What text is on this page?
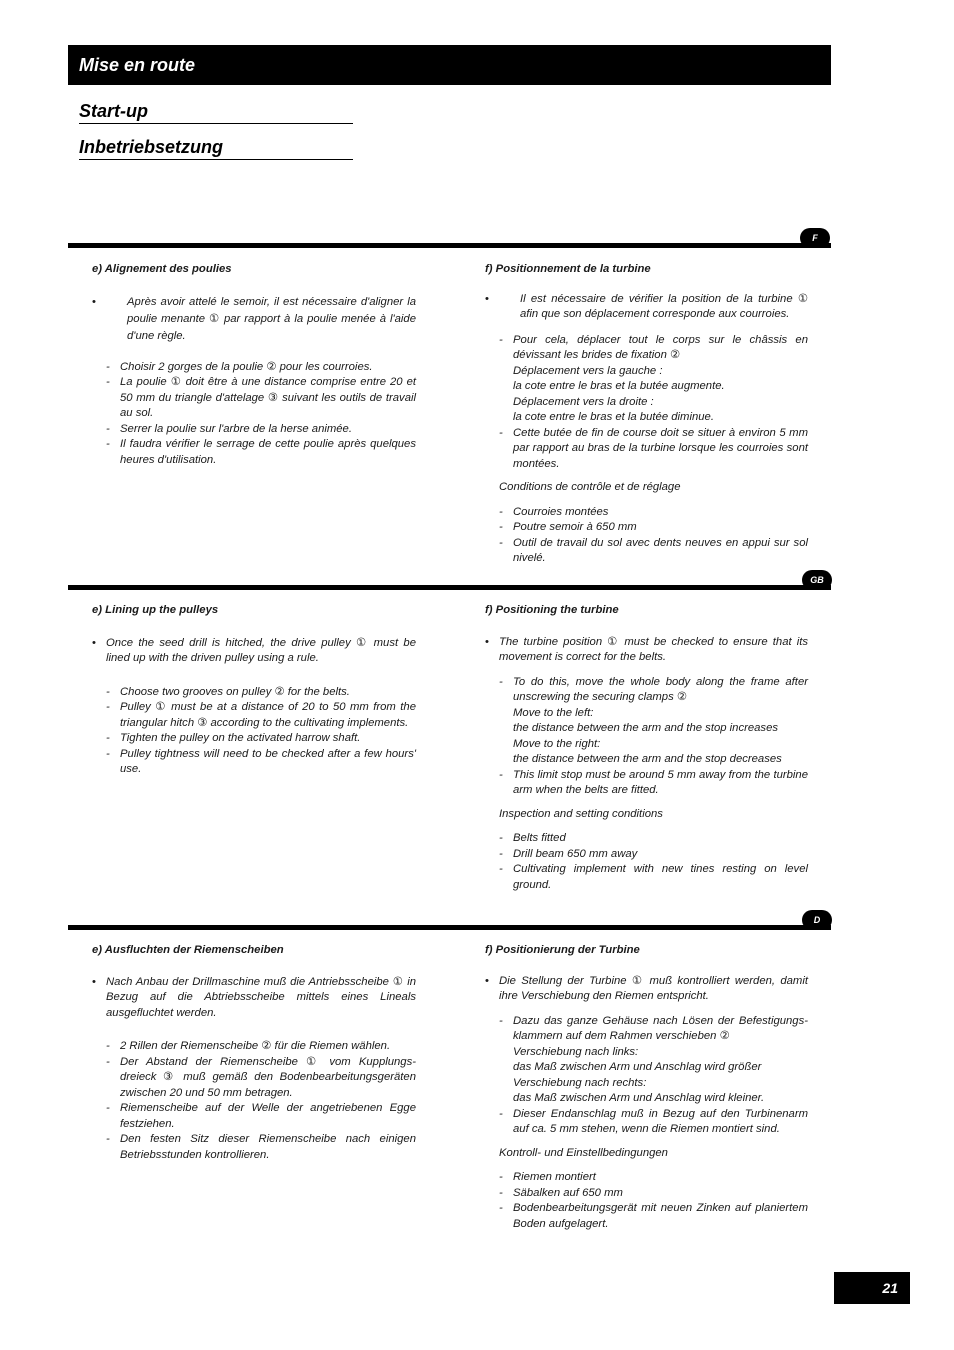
Mise en route
Start-up
Inbetriebsetzung
F

e) Alignement des poulies

• Après avoir attelé le semoir, il est nécessaire d'aligner la poulie menante ① par rapport à la poulie menée à l'aide d'une règle.

- Choisir 2 gorges de la poulie ② pour les courroies.
- La poulie ① doit être à une distance comprise entre 20 et 50 mm du triangle d'attelage ③ suivant les outils de travail au sol.
- Serrer la poulie sur l'arbre de la herse animée.
- Il faudra vérifier le serrage de cette poulie après quelques heures d'utilisation.

f) Positionnement de la turbine

• Il est nécessaire de vérifier la position de la turbine ① afin que son déplacement corresponde aux courroies.

- Pour cela, déplacer tout le corps sur le châssis en dévissant les brides de fixation ②
Déplacement vers la gauche :
la cote entre le bras et la butée augmente.
Déplacement vers la droite :
la cote entre le bras et la butée diminue.
- Cette butée de fin de course doit se situer à environ 5 mm par rapport au bras de la turbine lorsque les courroies sont montées.

Conditions de contrôle et de réglage

- Courroies montées
- Poutre semoir à 650 mm
- Outil de travail du sol avec dents neuves en appui sur sol nivelé.
GB

e) Lining up the pulleys

• Once the seed drill is hitched, the drive pulley ① must be lined up with the driven pulley using a rule.

- Choose two grooves on pulley ② for the belts.
- Pulley ① must be at a distance of 20 to 50 mm from the triangular hitch ③ according to the cultivating implements.
- Tighten the pulley on the activated harrow shaft.
- Pulley tightness will need to be checked after a few hours' use.

f) Positioning the turbine

• The turbine position ① must be checked to ensure that its movement is correct for the belts.

- To do this, move the whole body along the frame after unscrewing the securing clamps ②
Move to the left:
the distance between the arm and the stop increases
Move to the right:
the distance between the arm and the stop decreases
- This limit stop must be around 5 mm away from the turbine arm when the belts are fitted.

Inspection and setting conditions

- Belts fitted
- Drill beam 650 mm away
- Cultivating implement with new tines resting on level ground.
D

e) Ausfluchten der Riemenscheiben

• Nach Anbau der Drillmaschine muß die Antriebsscheibe ① in Bezug auf die Abtriebsscheibe mittels eines Lineals ausgefluchtet werden.

- 2 Rillen der Riemenscheibe ② für die Riemen wählen.
- Der Abstand der Riemenscheibe ① vom Kupplungs-dreieck ③ muß gemäß den Bodenbearbeitungsgeräten zwischen 20 und 50 mm betragen.
- Riemenscheibe auf der Welle der angetriebenen Egge festziehen.
- Den festen Sitz dieser Riemenscheibe nach einigen Betriebsstunden kontrollieren.

f) Positionierung der Turbine

• Die Stellung der Turbine ① muß kontrolliert werden, damit ihre Verschiebung den Riemen entspricht.

- Dazu das ganze Gehäuse nach Lösen der Befestigungs-klammern auf dem Rahmen verschieben ②
Verschiebung nach links:
das Maß zwischen Arm und Anschlag wird größer
Verschiebung nach rechts:
das Maß zwischen Arm und Anschlag wird kleiner.
- Dieser Endanschlag muß in Bezug auf den Turbinenarm auf ca. 5 mm stehen, wenn die Riemen montiert sind.

Kontroll- und Einstellbedingungen

- Riemen montiert
- Säbalken auf 650 mm
- Bodenbearbeitungsgerät mit neuen Zinken auf planiertem Boden aufgelagert.
21
